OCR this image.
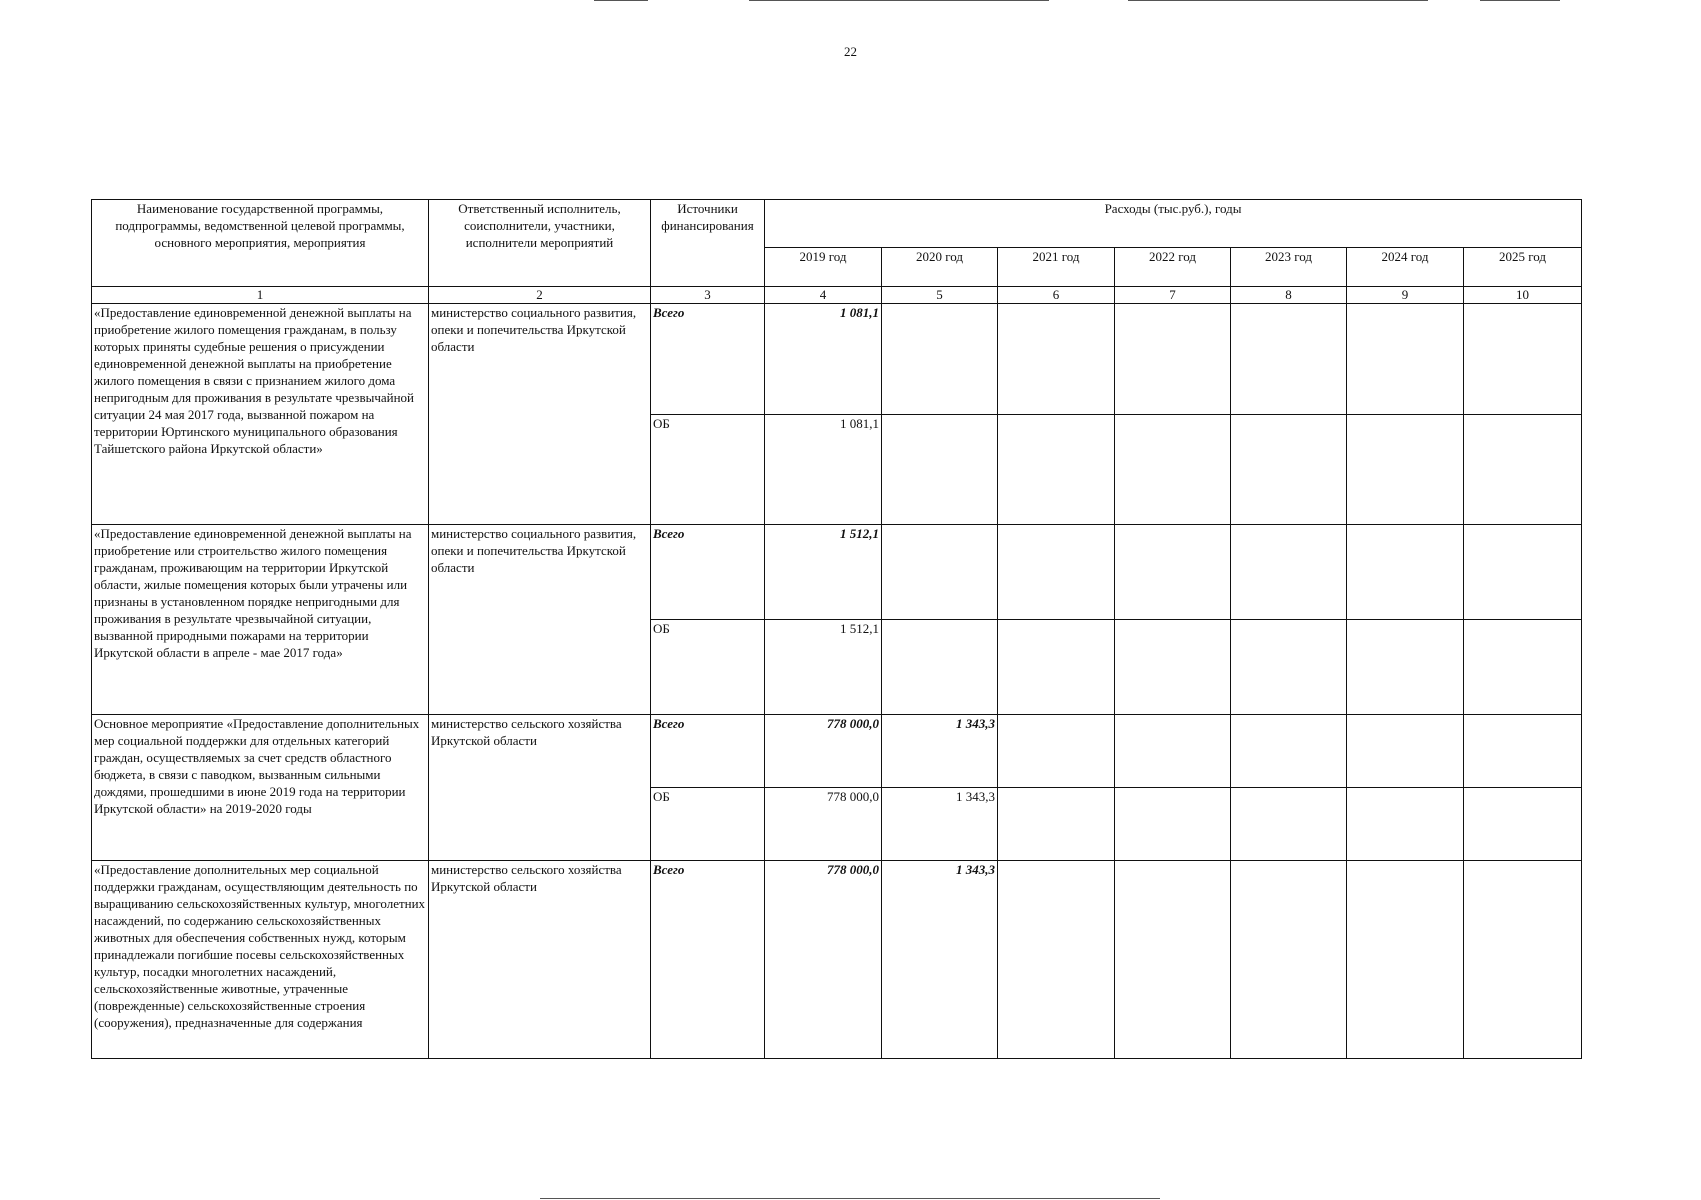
22
Наименование государственной программы, подпрограммы, ведомственной целевой программы, основного мероприятия, мероприятия	Ответственный исполнитель, соисполнители, участники, исполнители мероприятий	Источники финансирования	Расходы (тыс.руб.), годы						
			2019 год	2020 год	2021 год	2022 год	2023 год	2024 год	2025 год
1	2	3	4	5	6	7	8	9	10
«Предоставление единовременной денежной выплаты на приобретение жилого помещения гражданам, в пользу которых приняты судебные решения о присуждении единовременной денежной выплаты на приобретение жилого помещения в связи с признанием жилого дома непригодным для проживания в результате чрезвычайной ситуации 24 мая 2017 года, вызванной пожаром на территории Юртинского муниципального образования Тайшетского района Иркутской области»	министерство социального развития, опеки и попечительства Иркутской области	Всего	1 081,1						
		ОБ	1 081,1						
«Предоставление единовременной денежной выплаты на приобретение или строительство жилого помещения гражданам, проживающим на территории Иркутской области, жилые помещения которых были утрачены или признаны в установленном порядке непригодными для проживания в результате чрезвычайной ситуации, вызванной природными пожарами на территории Иркутской области в апреле - мае 2017 года»	министерство социального развития, опеки и попечительства Иркутской области	Всего	1 512,1						
		ОБ	1 512,1						
Основное мероприятие «Предоставление дополнительных мер социальной поддержки для отдельных категорий граждан, осуществляемых за счет средств областного бюджета, в связи с паводком, вызванным сильными дождями, прошедшими в июне 2019 года на территории Иркутской области» на 2019-2020 годы	министерство сельского хозяйства Иркутской области	Всего	778 000,0	1 343,3					
		ОБ	778 000,0	1 343,3					
«Предоставление дополнительных мер социальной поддержки гражданам, осуществляющим деятельность по выращиванию сельскохозяйственных культур, многолетних насаждений, по содержанию сельскохозяйственных животных для обеспечения собственных нужд, которым принадлежали погибшие посевы сельскохозяйственных культур, посадки многолетних насаждений, сельскохозяйственные животные, утраченные (поврежденные) сельскохозяйственные строения (сооружения), предназначенные для содержания	министерство сельского хозяйства Иркутской области	Всего	778 000,0	1 343,3					
